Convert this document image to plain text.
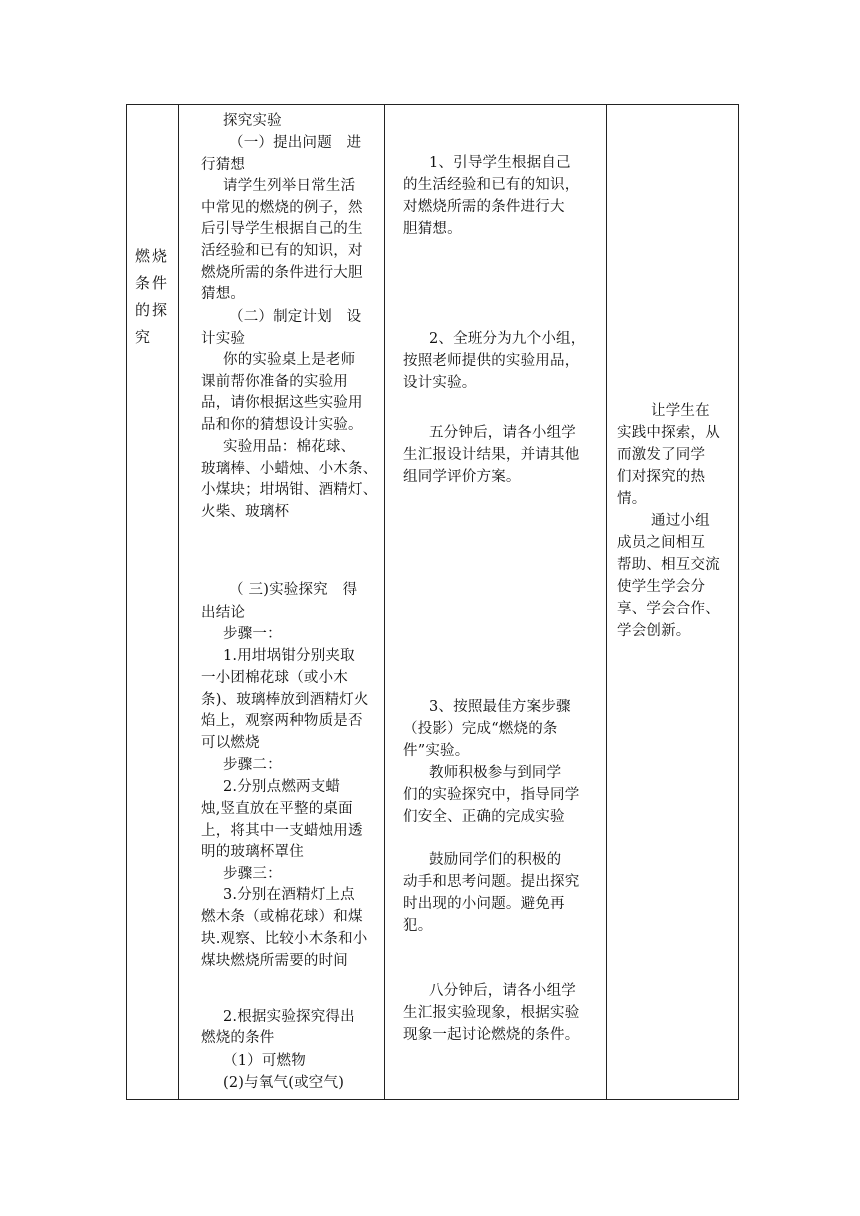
燃烧条件的探究

探究实验
（一）提出问题　进
行猜想
请学生列举日常生活
中常见的燃烧的例子，然
后引导学生根据自己的生
活经验和已有的知识，对
燃烧所需的条件进行大胆
猜想。
（二）制定计划　设
计实验
你的实验桌上是老师
课前帮你准备的实验用
品，请你根据这些实验用
品和你的猜想设计实验。
实验用品：棉花球、
玻璃棒、小蜡烛、小木条、
小煤块；坩埚钳、酒精灯、
火柴、玻璃杯
（ 三)实验探究　得
出结论
步骤一：
1.用坩埚钳分别夹取
一小团棉花球（或小木
条)、玻璃棒放到酒精灯火
焰上，观察两种物质是否
可以燃烧
步骤二：
2.分别点燃两支蜡
烛,竖直放在平整的桌面
上，将其中一支蜡烛用透
明的玻璃杯罩住
步骤三：
3.分别在酒精灯上点
燃木条（或棉花球）和煤
块.观察、比较小木条和小
煤块燃烧所需要的时间
2.根据实验探究得出
燃烧的条件
（1）可燃物
(2)与氧气(或空气)

1、引导学生根据自己
的生活经验和已有的知识，
对燃烧所需的条件进行大
胆猜想。
2、全班分为九个小组，
按照老师提供的实验用品，
设计实验。
五分钟后，请各小组学
生汇报设计结果，并请其他
组同学评价方案。
3、按照最佳方案步骤
（投影）完成“燃烧的条
件”实验。
教师积极参与到同学
们的实验探究中，指导同学
们安全、正确的完成实验
鼓励同学们的积极的
动手和思考问题。提出探究
时出现的小问题。避免再
犯。
八分钟后，请各小组学
生汇报实验现象，根据实验
现象一起讨论燃烧的条件。

让学生在
实践中探索，从
而激发了同学
们对探究的热
情。
通过小组
成员之间相互
帮助、相互交流
使学生学会分
享、学会合作、
学会创新。
